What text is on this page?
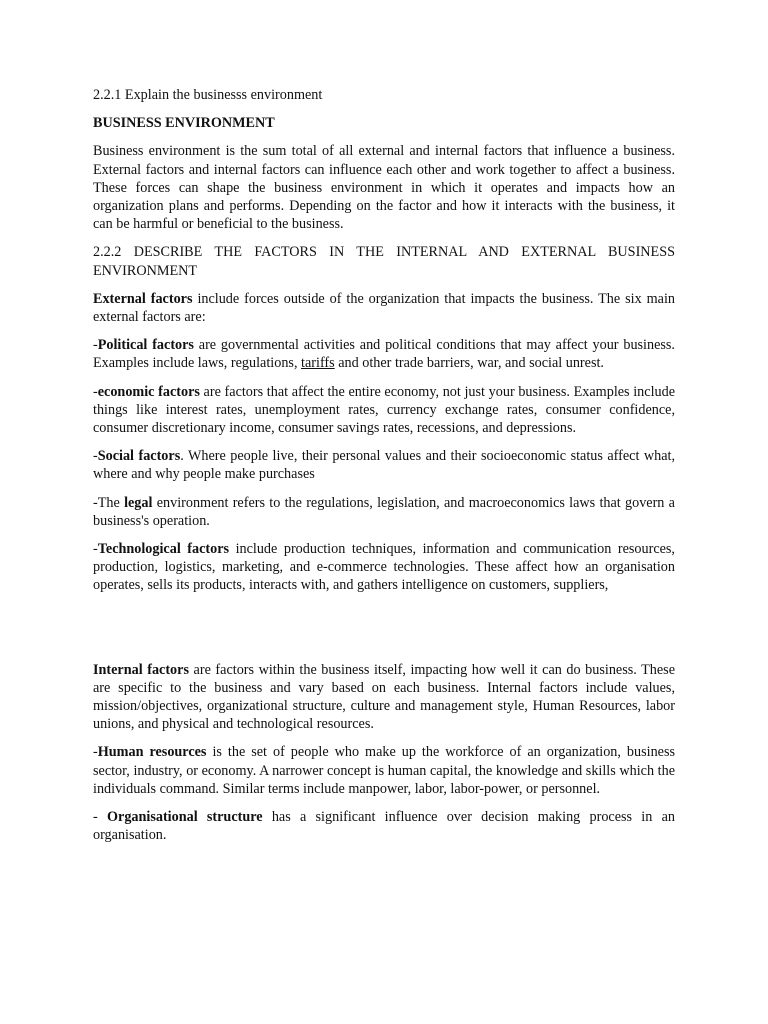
2.2.1 Explain the businesss environment
BUSINESS ENVIRONMENT

Business environment is the sum total of all external and internal factors that influence a business. External factors and internal factors can influence each other and work together to affect a business. These forces can shape the business environment in which it operates and impacts how an organization plans and performs. Depending on the factor and how it interacts with the business, it can be harmful or beneficial to the business.

2.2.2 DESCRIBE THE FACTORS IN THE INTERNAL AND EXTERNAL BUSINESS ENVIRONMENT

External factors include forces outside of the organization that impacts the business. The six main external factors are:

-Political factors are governmental activities and political conditions that may affect your business. Examples include laws, regulations, tariffs and other trade barriers, war, and social unrest.

-economic factors are factors that affect the entire economy, not just your business. Examples include things like interest rates, unemployment rates, currency exchange rates, consumer confidence, consumer discretionary income, consumer savings rates, recessions, and depressions.

-Social factors. Where people live, their personal values and their socioeconomic status affect what, where and why people make purchases

-The legal environment refers to the regulations, legislation, and macroeconomics laws that govern a business's operation.

-Technological factors include production techniques, information and communication resources, production, logistics, marketing, and e-commerce technologies. These affect how an organisation operates, sells its products, interacts with, and gathers intelligence on customers, suppliers,

Internal factors are factors within the business itself, impacting how well it can do business. These are specific to the business and vary based on each business. Internal factors include values, mission/objectives, organizational structure, culture and management style, Human Resources, labor unions, and physical and technological resources.

-Human resources is the set of people who make up the workforce of an organization, business sector, industry, or economy. A narrower concept is human capital, the knowledge and skills which the individuals command. Similar terms include manpower, labor, labor-power, or personnel.

- Organisational structure has a significant influence over decision making process in an organisation.
